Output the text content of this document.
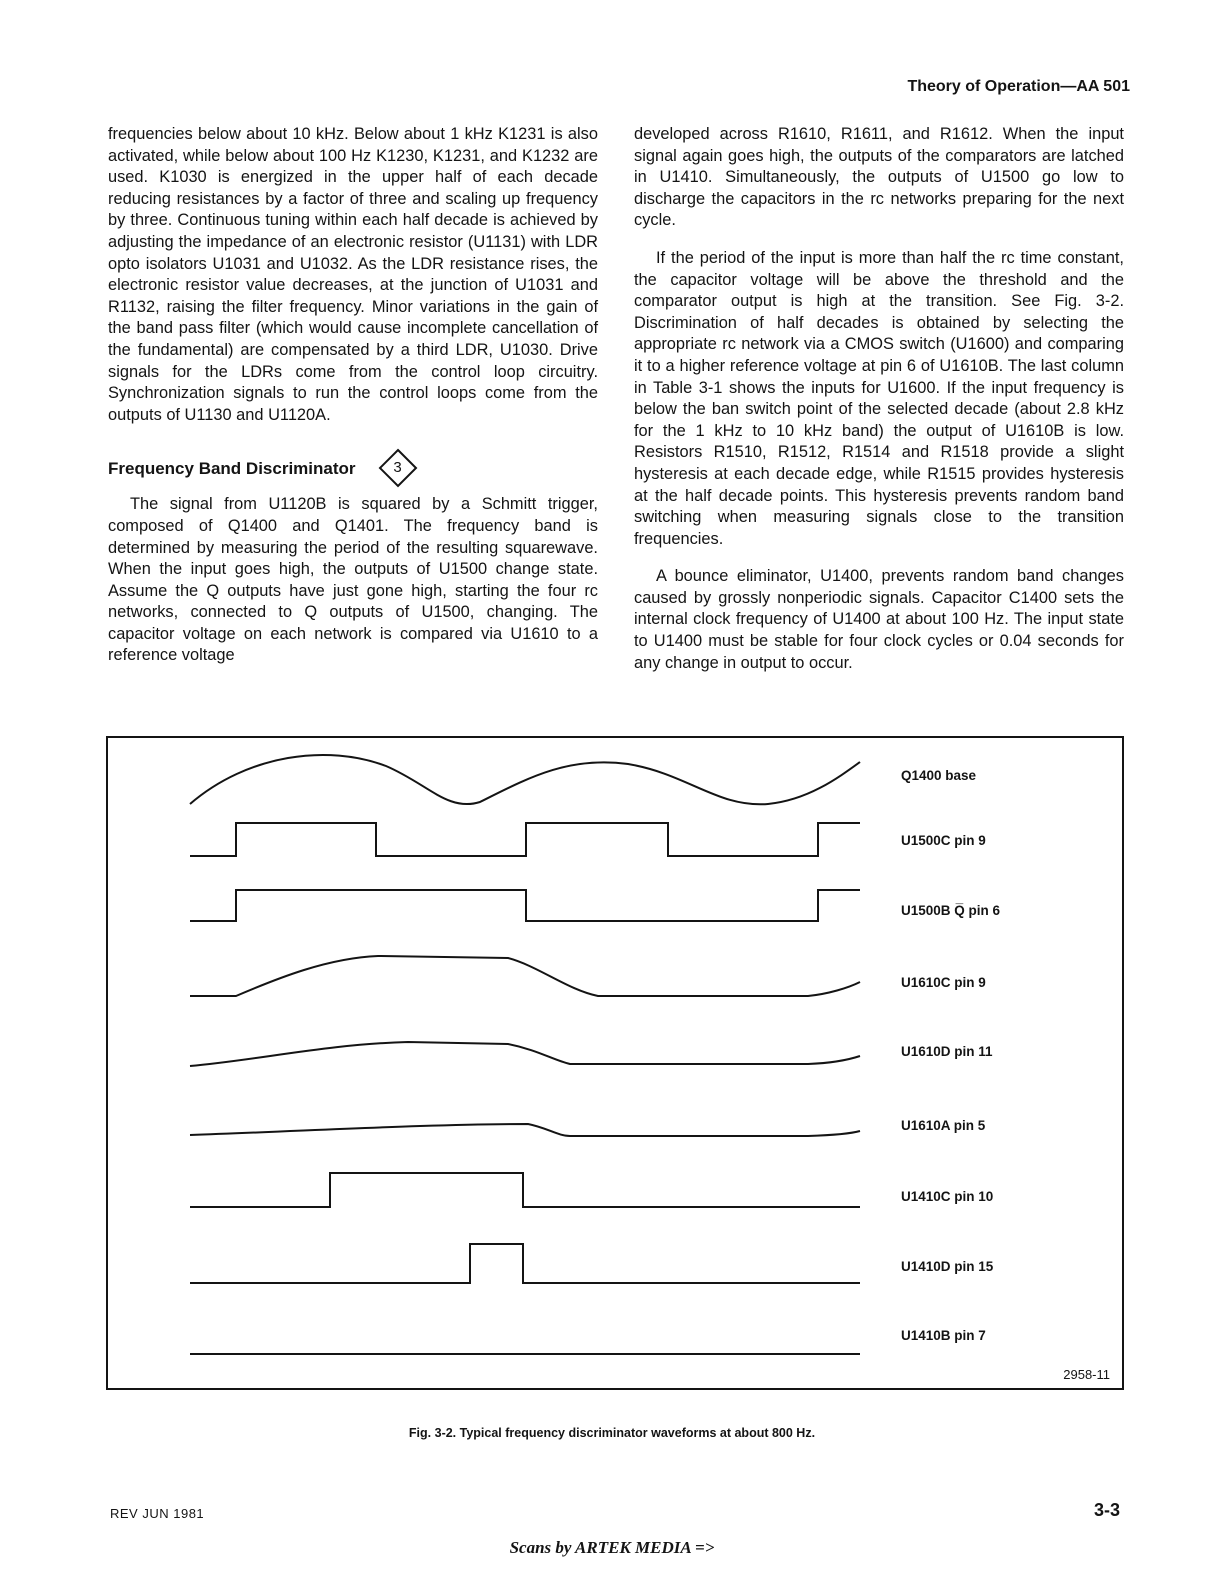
Theory of Operation—AA 501

frequencies below about 10 kHz. Below about 1 kHz K1231 is also activated, while below about 100 Hz K1230, K1231, and K1232 are used. K1030 is energized in the upper half of each decade reducing resistances by a factor of three and scaling up frequency by three. Continuous tuning within each half decade is achieved by adjusting the impedance of an electronic resistor (U1131) with LDR opto isolators U1031 and U1032. As the LDR resistance rises, the electronic resistor value decreases, at the junction of U1031 and R1132, raising the filter frequency. Minor variations in the gain of the band pass filter (which would cause incomplete cancellation of the fundamental) are compensated by a third LDR, U1030. Drive signals for the LDRs come from the control loop circuitry. Synchronization signals to run the control loops come from the outputs of U1130 and U1120A.

Frequency Band Discriminator	3

The signal from U1120B is squared by a Schmitt trigger, composed of Q1400 and Q1401. The frequency band is determined by measuring the period of the resulting squarewave. When the input goes high, the outputs of U1500 change state. Assume the Q outputs have just gone high, starting the four rc networks, connected to Q outputs of U1500, changing. The capacitor voltage on each network is compared via U1610 to a reference voltage

developed across R1610, R1611, and R1612. When the input signal again goes high, the outputs of the comparators are latched in U1410. Simultaneously, the outputs of U1500 go low to discharge the capacitors in the rc networks preparing for the next cycle.

If the period of the input is more than half the rc time constant, the capacitor voltage will be above the threshold and the comparator output is high at the transition. See Fig. 3-2. Discrimination of half decades is obtained by selecting the appropriate rc network via a CMOS switch (U1600) and comparing it to a higher reference voltage at pin 6 of U1610B. The last column in Table 3-1 shows the inputs for U1600. If the input frequency is below the ban switch point of the selected decade (about 2.8 kHz for the 1 kHz to 10 kHz band) the output of U1610B is low. Resistors R1510, R1512, R1514 and R1518 provide a slight hysteresis at each decade edge, while R1515 provides hysteresis at the half decade points. This hysteresis prevents random band switching when measuring signals close to the transition frequencies.

A bounce eliminator, U1400, prevents random band changes caused by grossly nonperiodic signals. Capacitor C1400 sets the internal clock frequency of U1400 at about 100 Hz. The input state to U1400 must be stable for four clock cycles or 0.04 seconds for any change in output to occur.

Q1400 base
U1500C pin 9
U1500B Q̅ pin 6
U1610C pin 9
U1610D pin 11
U1610A pin 5
U1410C pin 10
U1410D pin 15
U1410B pin 7
2958-11
Fig. 3-2. Typical frequency discriminator waveforms at about 800 Hz.
REV JUN 1981	3-3
Scans by ARTEK MEDIA =>
